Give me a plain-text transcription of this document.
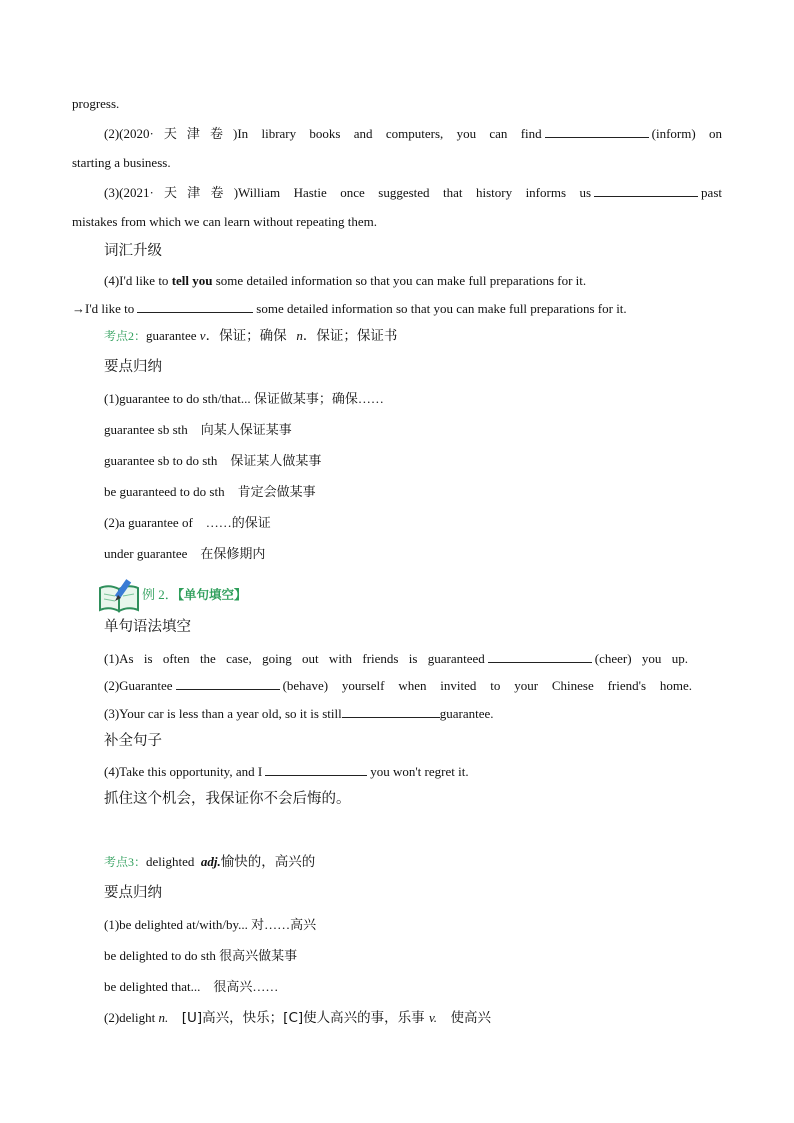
progress.
(2)(2020·天津卷)In library books and computers, you can find	(inform) on
starting a business.
(3)(2021·天津卷)William Hastie once suggested that history informs us	past
mistakes from which we can learn without repeating them.
词汇升级
(4)I'd like to tell you some detailed information so that you can make full preparations for it.
→I'd like to	some detailed information so that you can make full preparations for it.
考点2：guarantee v．保证；确保 n．保证；保证书
要点归纳
(1)guarantee to do sth/that... 保证做某事；确保……
guarantee sb sth　向某人保证某事
guarantee sb to do sth　保证某人做某事
be guaranteed to do sth　肯定会做某事
(2)a guarantee of　……的保证
under guarantee　在保修期内
例 2．【单句填空】
单句语法填空
(1)As is often the case, going out with friends is guaranteed	(cheer) you up.
(2)Guarantee	(behave) yourself when invited to your Chinese friend's home.
(3)Your car is less than a year old, so it is still	guarantee.
补全句子
(4)Take this opportunity, and I	you won't regret it.
抓住这个机会，我保证你不会后悔的。
考点3：delighted adj.愉快的，高兴的
要点归纳
(1)be delighted at/with/by... 对……高兴
be delighted to do sth 很高兴做某事
be delighted that...　很高兴……
(2)delight n.　[U]高兴，快乐；[C]使人高兴的事，乐事 v.　使高兴
